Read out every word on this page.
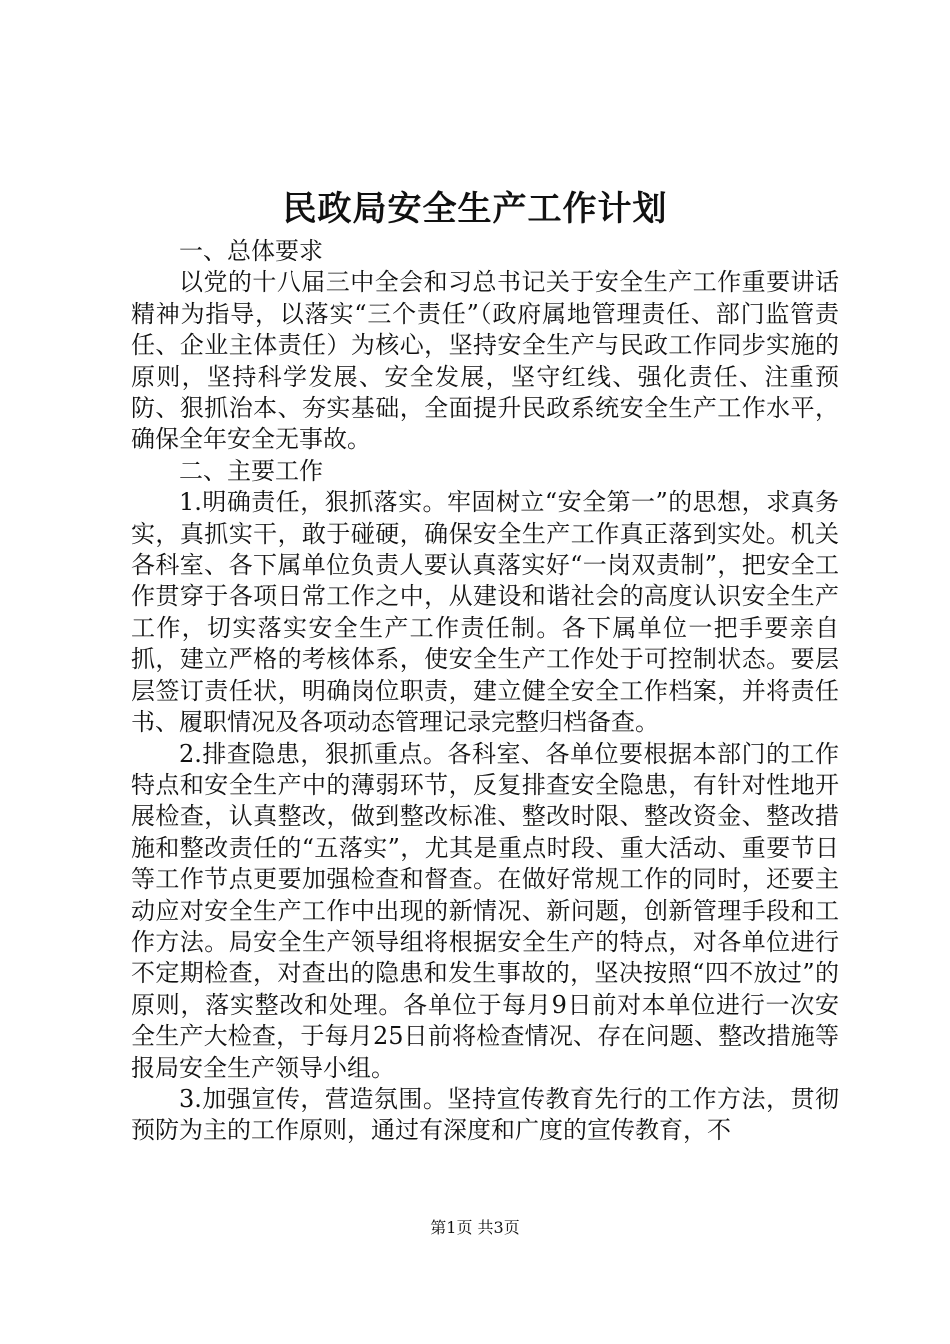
民政局安全生产工作计划

一、总体要求

以党的十八届三中全会和习总书记关于安全生产工作重要讲话精神为指导，以落实“三个责任”（政府属地管理责任、部门监管责任、企业主体责任）为核心，坚持安全生产与民政工作同步实施的原则，坚持科学发展、安全发展，坚守红线、强化责任、注重预防、狠抓治本、夯实基础，全面提升民政系统安全生产工作水平，确保全年安全无事故。

二、主要工作

1.明确责任，狠抓落实。牢固树立“安全第一”的思想，求真务实，真抓实干，敢于碰硬，确保安全生产工作真正落到实处。机关各科室、各下属单位负责人要认真落实好“一岗双责制”，把安全工作贯穿于各项日常工作之中，从建设和谐社会的高度认识安全生产工作，切实落实安全生产工作责任制。各下属单位一把手要亲自抓，建立严格的考核体系，使安全生产工作处于可控制状态。要层层签订责任状，明确岗位职责，建立健全安全工作档案，并将责任书、履职情况及各项动态管理记录完整归档备查。

2.排查隐患，狠抓重点。各科室、各单位要根据本部门的工作特点和安全生产中的薄弱环节，反复排查安全隐患，有针对性地开展检查，认真整改，做到整改标准、整改时限、整改资金、整改措施和整改责任的“五落实”，尤其是重点时段、重大活动、重要节日等工作节点更要加强检查和督查。在做好常规工作的同时，还要主动应对安全生产工作中出现的新情况、新问题，创新管理手段和工作方法。局安全生产领导组将根据安全生产的特点，对各单位进行不定期检查，对查出的隐患和发生事故的，坚决按照“四不放过”的原则，落实整改和处理。各单位于每月9日前对本单位进行一次安全生产大检查，于每月25日前将检查情况、存在问题、整改措施等报局安全生产领导小组。

3.加强宣传，营造氛围。坚持宣传教育先行的工作方法，贯彻预防为主的工作原则，通过有深度和广度的宣传教育，不

第1页 共3页
